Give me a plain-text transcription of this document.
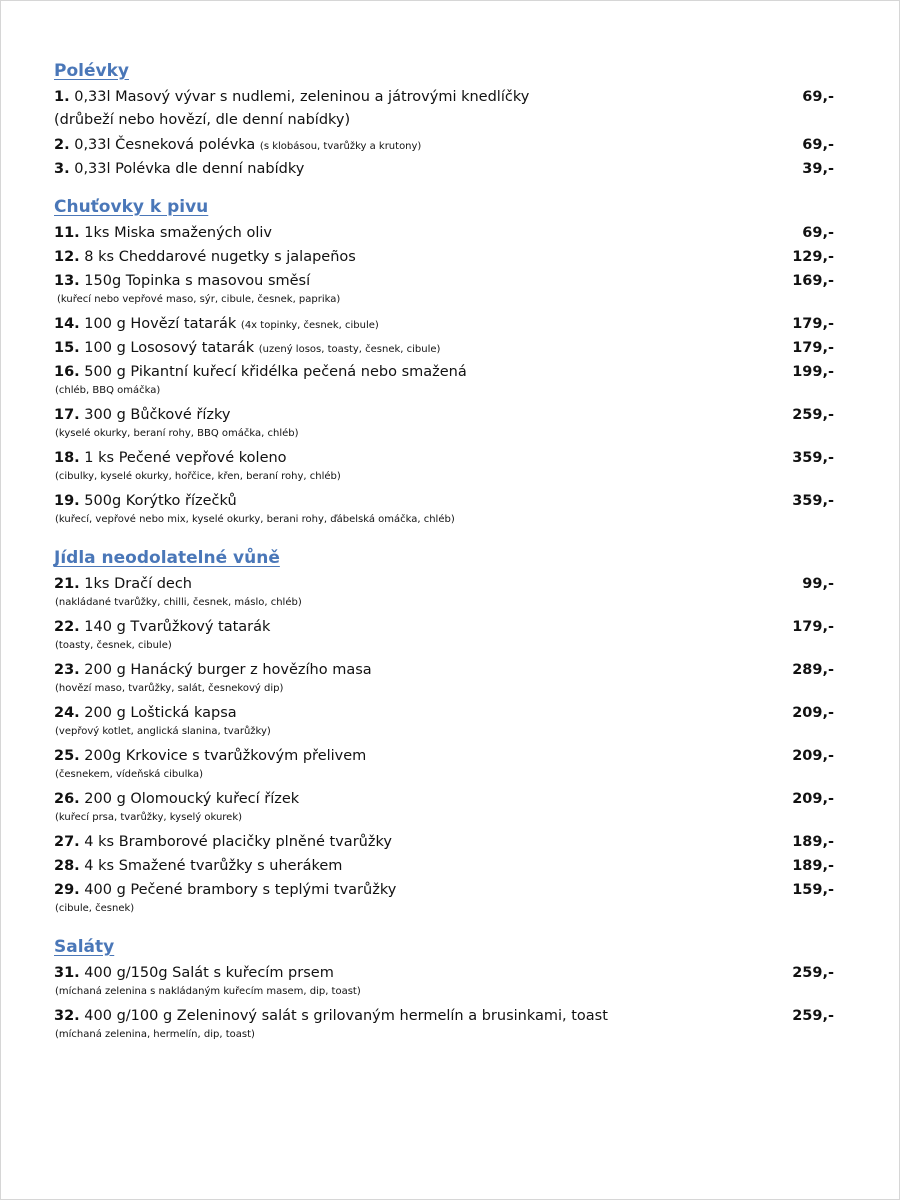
Polévky
1. 0,33l Masový vývar s nudlemi, zeleninou a játrovými knedlíčky	69,-
(drůbeží nebo hovězí, dle denní nabídky)
2. 0,33l Česneková polévka (s klobásou, tvarůžky a krutony)	69,-
3. 0,33l Polévka dle denní nabídky	39,-
Chuťovky k pivu
11. 1ks Miska smažených oliv	69,-
12. 8 ks Cheddarové nugetky s jalapeños	129,-
13. 150g Topinka s masovou směsí	169,-
(kuřecí nebo vepřové maso, sýr, cibule, česnek, paprika)
14. 100 g Hovězí tatarák (4x topinky, česnek, cibule)	179,-
15. 100 g Lososový tatarák (uzený losos, toasty, česnek, cibule)	179,-
16. 500 g Pikantní kuřecí křidélka pečená nebo smažená	199,-
(chléb, BBQ omáčka)
17. 300 g Bůčkové řízky	259,-
(kyselé okurky, beraní rohy, BBQ omáčka, chléb)
18. 1 ks Pečené vepřové koleno	359,-
(cibulky, kyselé okurky, hořčice, křen, beraní rohy, chléb)
19. 500g Korýtko řízečků	359,-
(kuřecí, vepřové nebo mix, kyselé okurky, berani rohy, ďábelská omáčka, chléb)
Jídla neodolatelné vůně
21. 1ks Dračí dech	99,-
(nakládané tvarůžky, chilli, česnek, máslo, chléb)
22. 140 g Tvarůžkový tatarák	179,-
(toasty, česnek, cibule)
23. 200 g Hanácký burger z hovězího masa	289,-
(hovězí maso, tvarůžky, salát, česnekový dip)
24. 200 g Loštická kapsa	209,-
(vepřový kotlet, anglická slanina, tvarůžky)
25. 200g Krkovice s tvarůžkovým přelivem	209,-
(česnekem, vídeňská cibulka)
26. 200 g Olomoucký kuřecí řízek	209,-
(kuřecí prsa, tvarůžky, kyselý okurek)
27. 4 ks Bramborové placičky plněné tvarůžky	189,-
28. 4 ks Smažené tvarůžky s uherákem	189,-
29. 400 g Pečené brambory s teplými tvarůžky	159,-
(cibule, česnek)
Saláty
31. 400 g/150g Salát s kuřecím prsem	259,-
(míchaná zelenina s nakládaným kuřecím masem, dip, toast)
32. 400 g/100 g Zeleninový salát s grilovaným hermelín a brusinkami, toast	259,-
(míchaná zelenina, hermelín, dip, toast)
